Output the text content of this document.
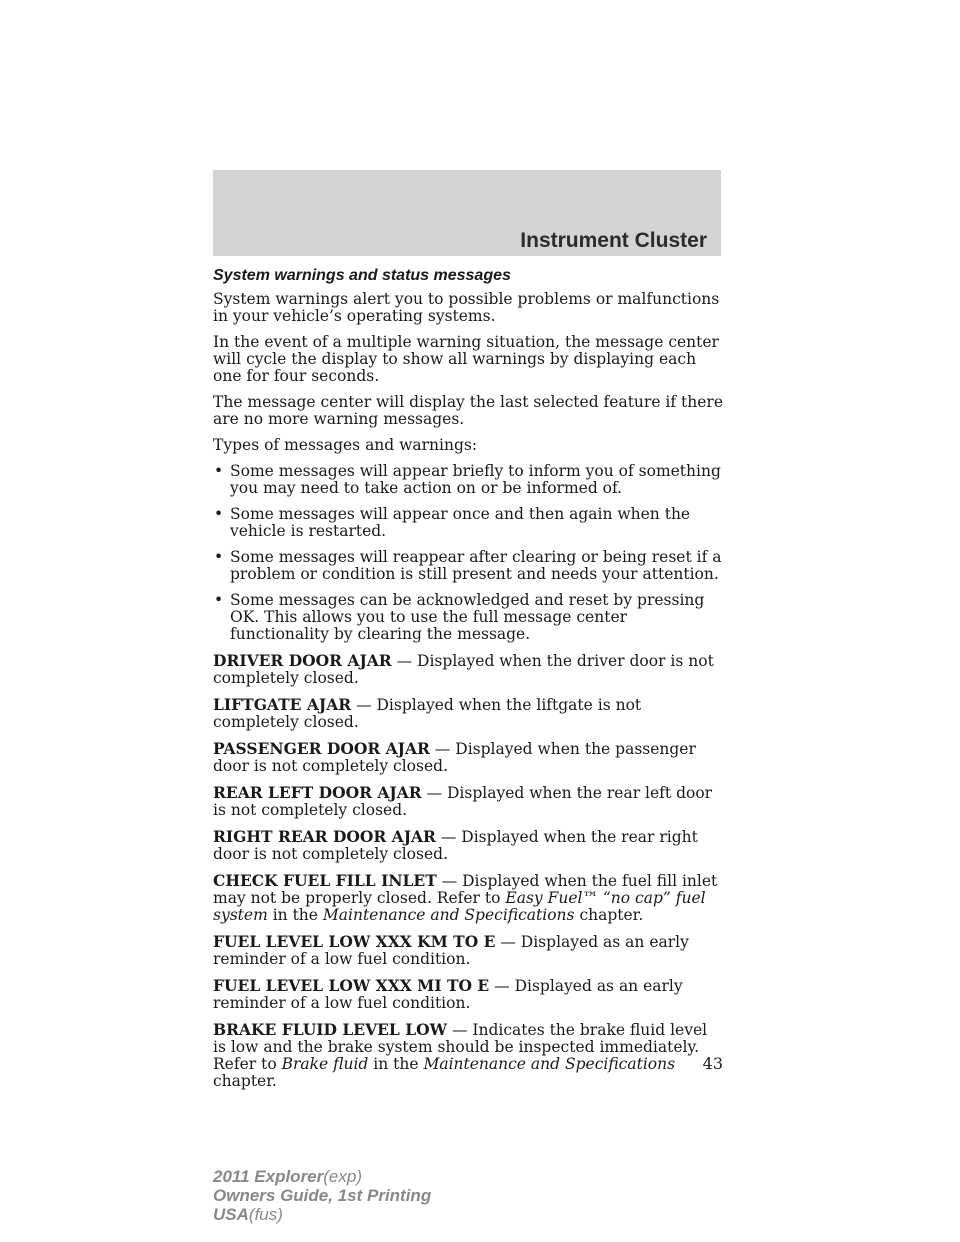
Instrument Cluster
System warnings and status messages

System warnings alert you to possible problems or malfunctions in your vehicle’s operating systems.

In the event of a multiple warning situation, the message center will cycle the display to show all warnings by displaying each one for four seconds.

The message center will display the last selected feature if there are no more warning messages.

Types of messages and warnings:

• Some messages will appear briefly to inform you of something you may need to take action on or be informed of.
• Some messages will appear once and then again when the vehicle is restarted.
• Some messages will reappear after clearing or being reset if a problem or condition is still present and needs your attention.
• Some messages can be acknowledged and reset by pressing OK. This allows you to use the full message center functionality by clearing the message.

DRIVER DOOR AJAR — Displayed when the driver door is not completely closed.

LIFTGATE AJAR — Displayed when the liftgate is not completely closed.

PASSENGER DOOR AJAR — Displayed when the passenger door is not completely closed.

REAR LEFT DOOR AJAR — Displayed when the rear left door is not completely closed.

RIGHT REAR DOOR AJAR — Displayed when the rear right door is not completely closed.

CHECK FUEL FILL INLET — Displayed when the fuel fill inlet may not be properly closed. Refer to Easy Fuel™ “no cap” fuel system in the Maintenance and Specifications chapter.

FUEL LEVEL LOW XXX KM TO E — Displayed as an early reminder of a low fuel condition.

FUEL LEVEL LOW XXX MI TO E — Displayed as an early reminder of a low fuel condition.

BRAKE FLUID LEVEL LOW — Indicates the brake fluid level is low and the brake system should be inspected immediately. Refer to Brake fluid in the Maintenance and Specifications chapter.

43
2011 Explorer(exp)
Owners Guide, 1st Printing
USA(fus)
